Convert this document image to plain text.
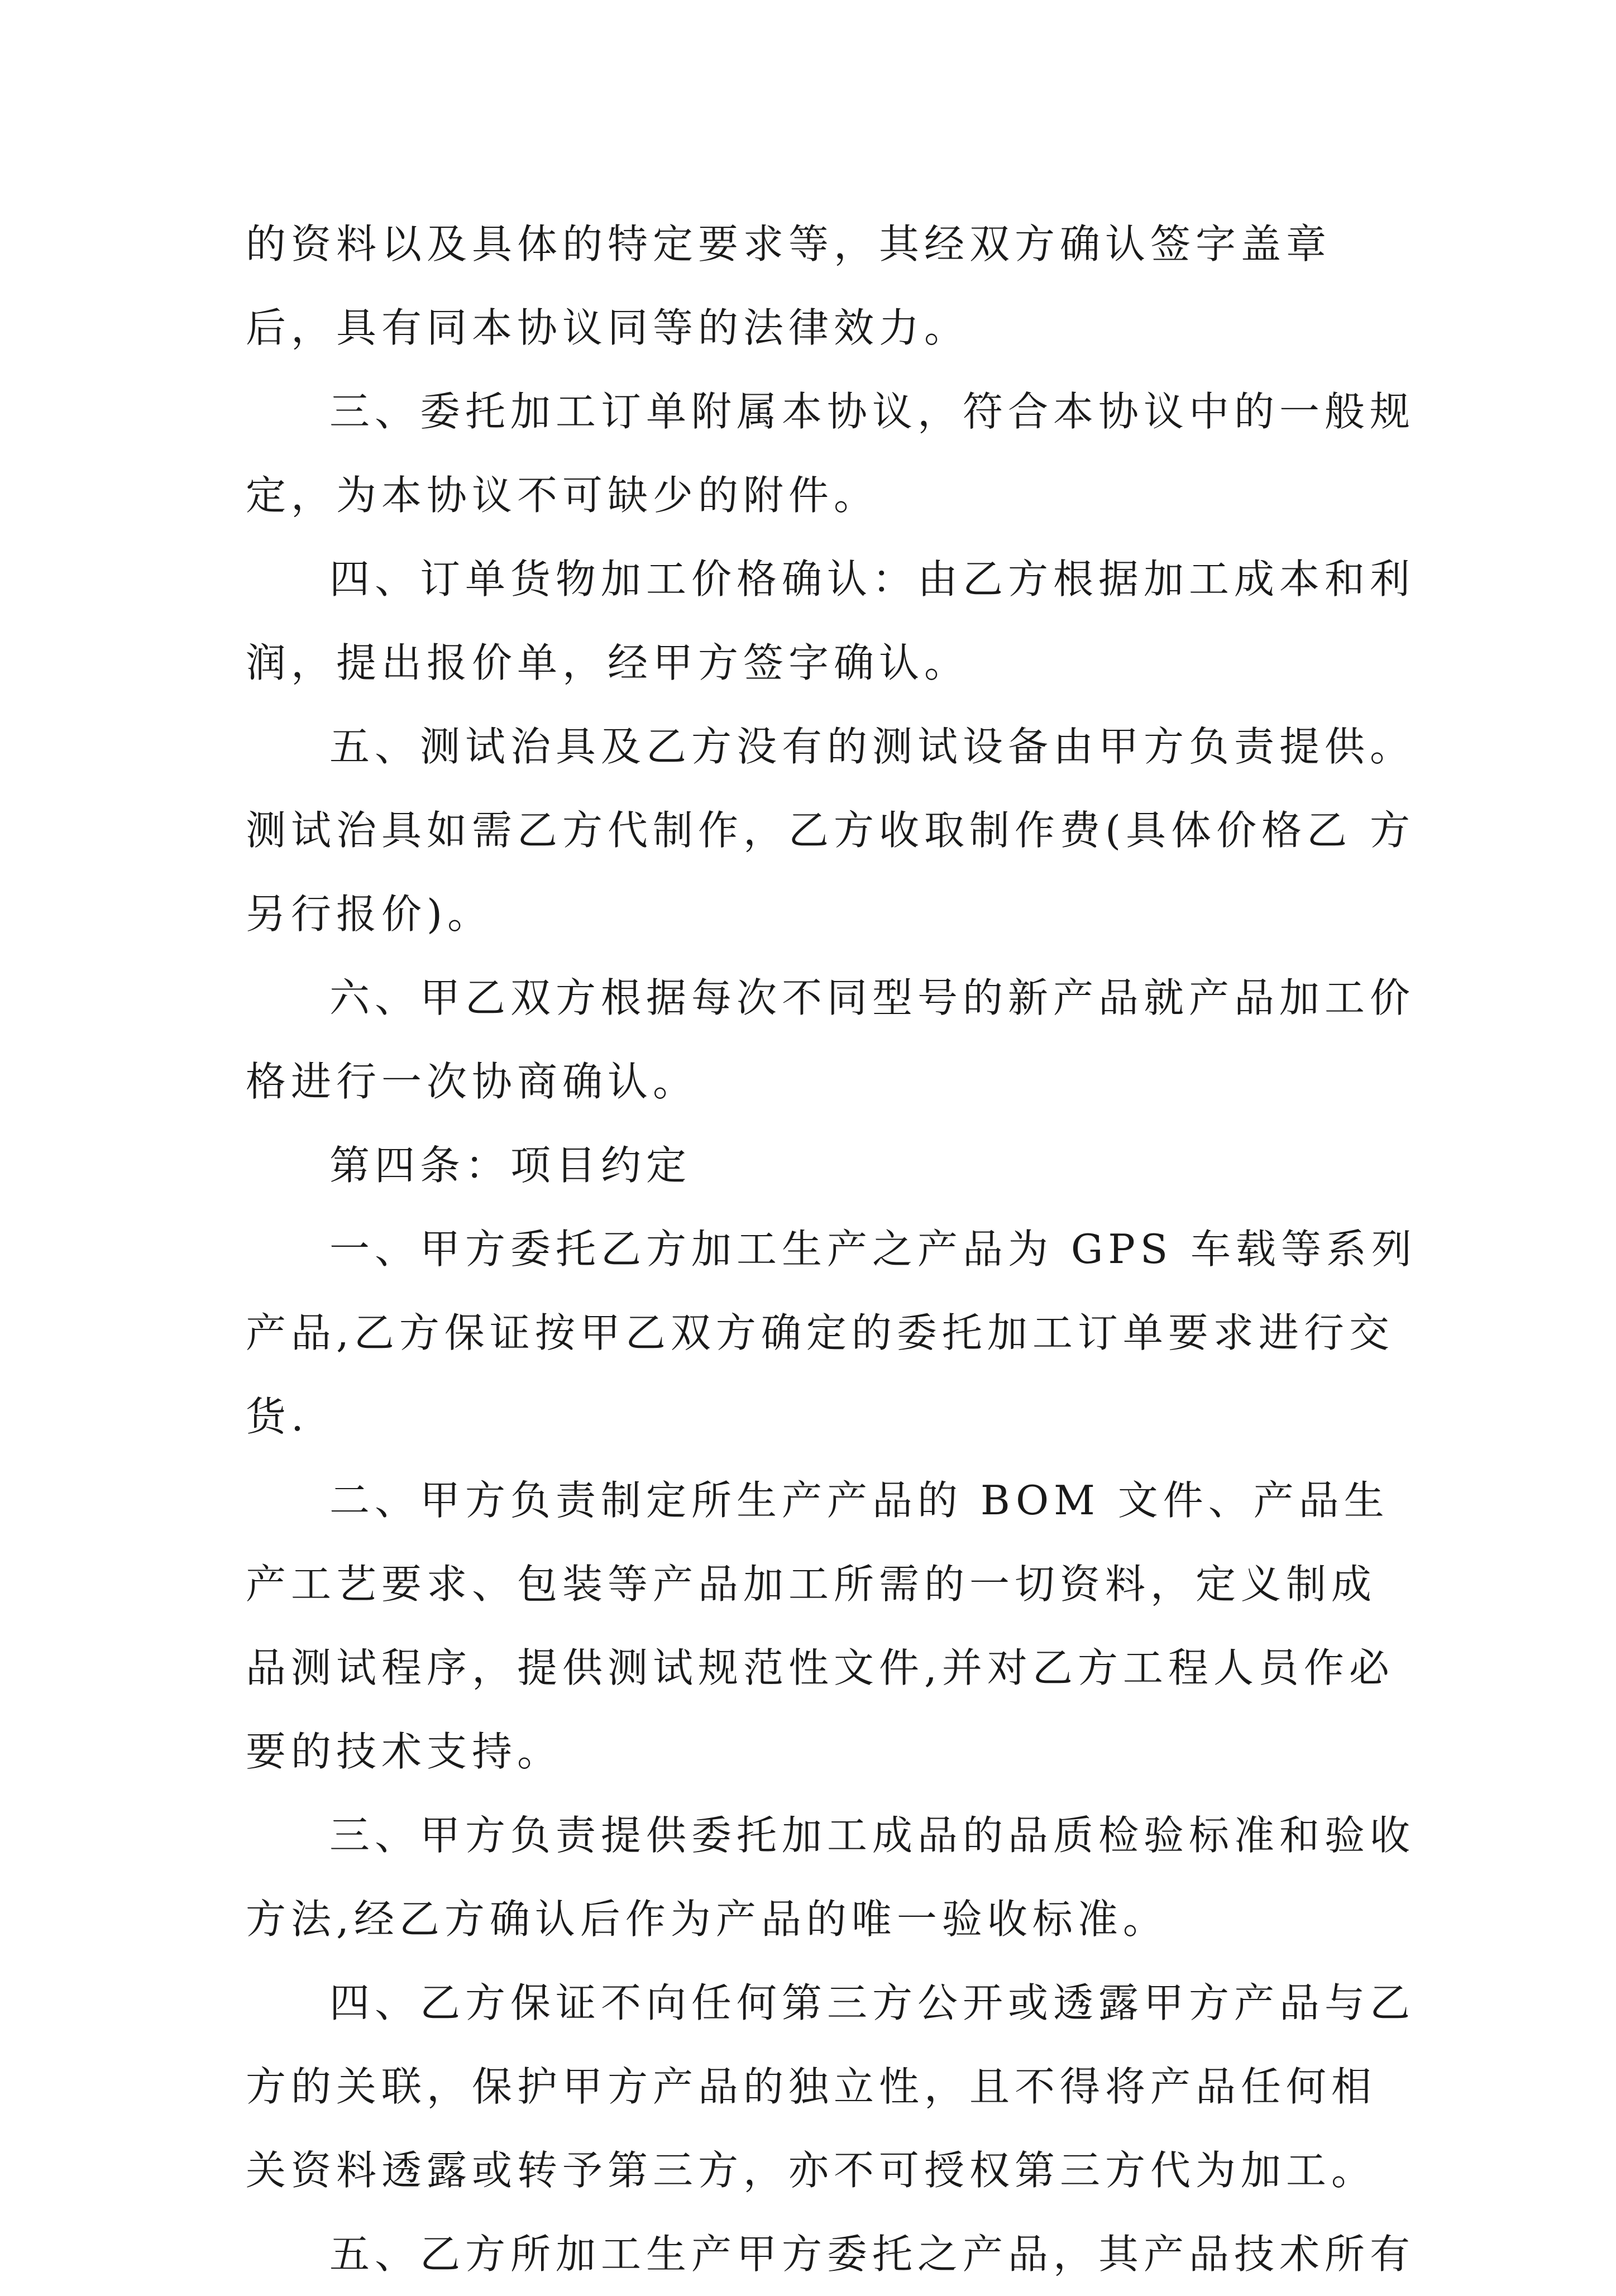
的资料以及具体的特定要求等，其经双方确认签字盖章后，具有同本协议同等的法律效力。

三、委托加工订单附属本协议，符合本协议中的一般规定，为本协议不可缺少的附件。

四、订单货物加工价格确认：由乙方根据加工成本和利润，提出报价单，经甲方签字确认。

五、测试治具及乙方没有的测试设备由甲方负责提供。测试治具如需乙方代制作，乙方收取制作费(具体价格乙 方另行报价)。

六、甲乙双方根据每次不同型号的新产品就产品加工价格进行一次协商确认。

第四条：项目约定

一、甲方委托乙方加工生产之产品为 GPS 车载等系列产品,乙方保证按甲乙双方确定的委托加工订单要求进行交货.

二、甲方负责制定所生产产品的 BOM 文件、产品生产工艺要求、包装等产品加工所需的一切资料，定义制成品测试程序，提供测试规范性文件,并对乙方工程人员作必要的技术支持。

三、甲方负责提供委托加工成品的品质检验标准和验收方法,经乙方确认后作为产品的唯一验收标准。

四、乙方保证不向任何第三方公开或透露甲方产品与乙方的关联，保护甲方产品的独立性，且不得将产品任何相关资料透露或转予第三方，亦不可授权第三方代为加工。

五、乙方所加工生产甲方委托之产品，其产品技术所有
